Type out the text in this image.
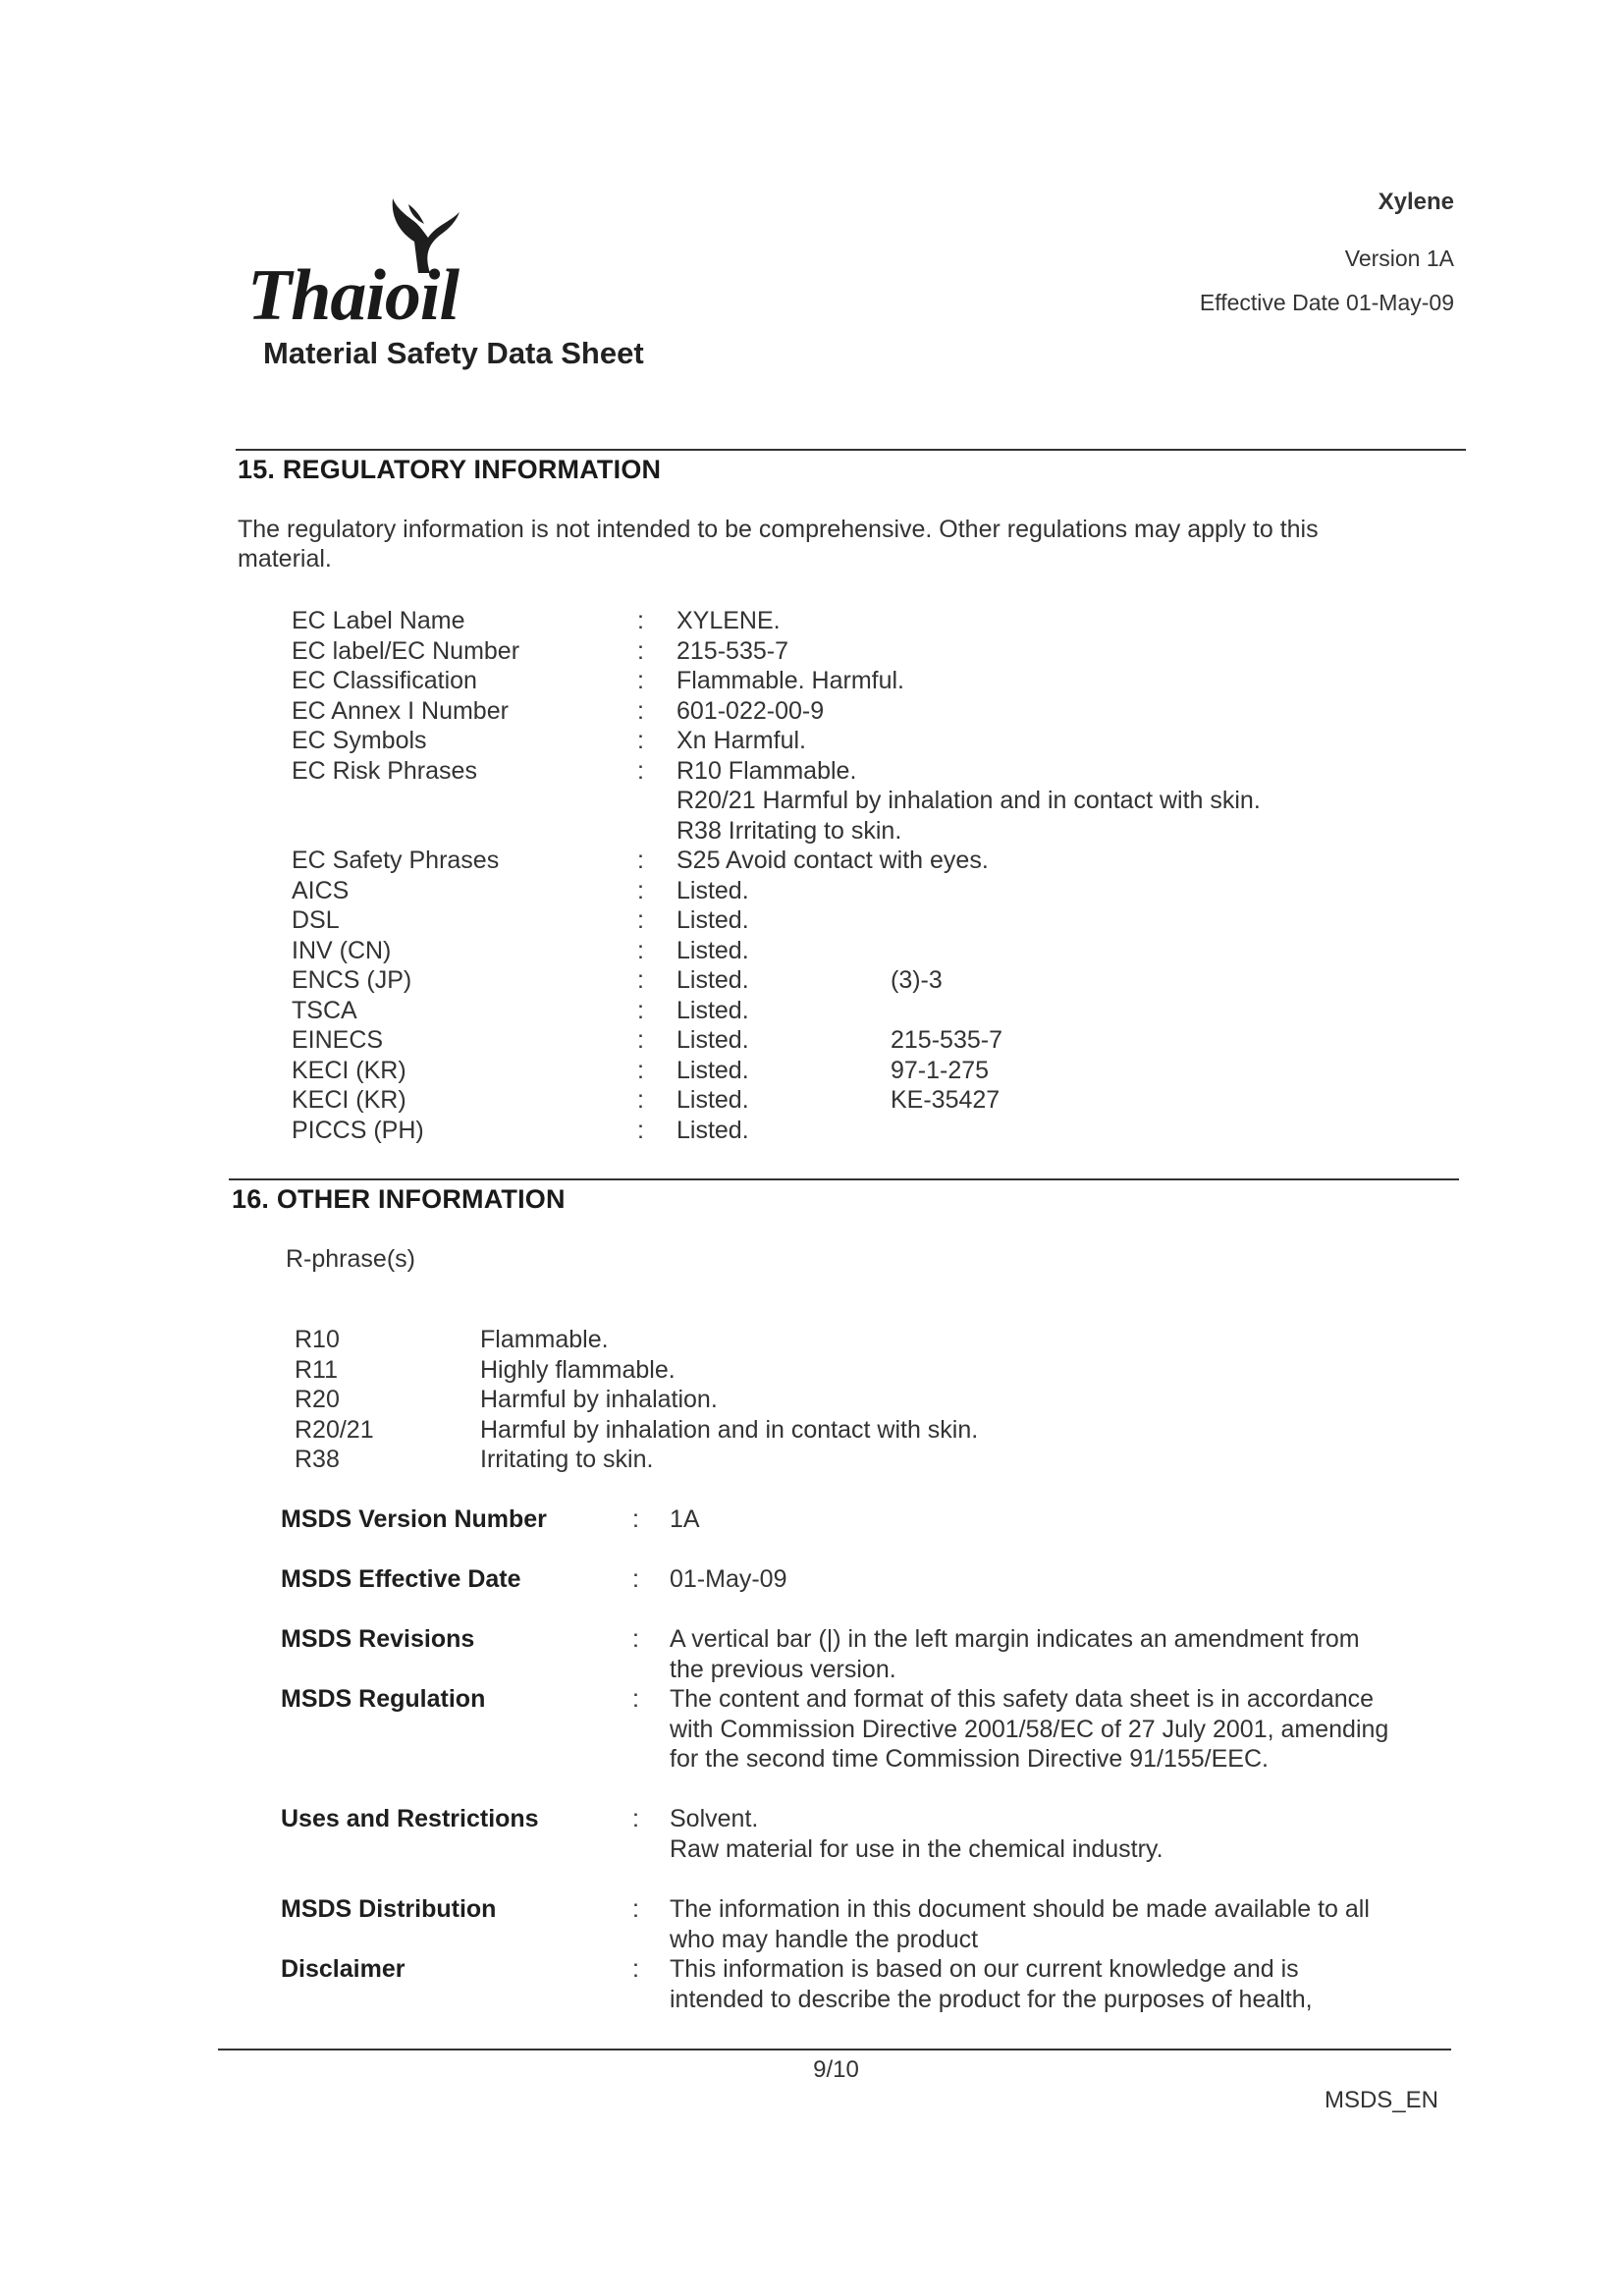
Thaioil
Material Safety Data Sheet
Xylene
Version 1A
Effective Date 01-May-09
15. REGULATORY INFORMATION
The regulatory information is not intended to be comprehensive. Other regulations may apply to this material.
EC Label Name	: XYLENE.
EC label/EC Number	: 215-535-7
EC Classification	: Flammable. Harmful.
EC Annex I Number	: 601-022-00-9
EC Symbols	: Xn Harmful.
EC Risk Phrases	: R10 Flammable.
R20/21 Harmful by inhalation and in contact with skin.
R38 Irritating to skin.
EC Safety Phrases	: S25 Avoid contact with eyes.
AICS	: Listed.
DSL	: Listed.
INV (CN)	: Listed.
ENCS (JP)	: Listed.	(3)-3
TSCA	: Listed.
EINECS	: Listed.	215-535-7
KECI (KR)	: Listed.	97-1-275
KECI (KR)	: Listed.	KE-35427
PICCS (PH)	: Listed.
16. OTHER INFORMATION
R-phrase(s)
R10	Flammable.
R11	Highly flammable.
R20	Harmful by inhalation.
R20/21	Harmful by inhalation and in contact with skin.
R38	Irritating to skin.
MSDS Version Number	: 1A
MSDS Effective Date	: 01-May-09
MSDS Revisions	: A vertical bar (|) in the left margin indicates an amendment from the previous version.
MSDS Regulation	: The content and format of this safety data sheet is in accordance with Commission Directive 2001/58/EC of 27 July 2001, amending for the second time Commission Directive 91/155/EEC.
Uses and Restrictions	: Solvent.
Raw material for use in the chemical industry.
MSDS Distribution	: The information in this document should be made available to all who may handle the product
Disclaimer	: This information is based on our current knowledge and is intended to describe the product for the purposes of health,
9/10
MSDS_EN
